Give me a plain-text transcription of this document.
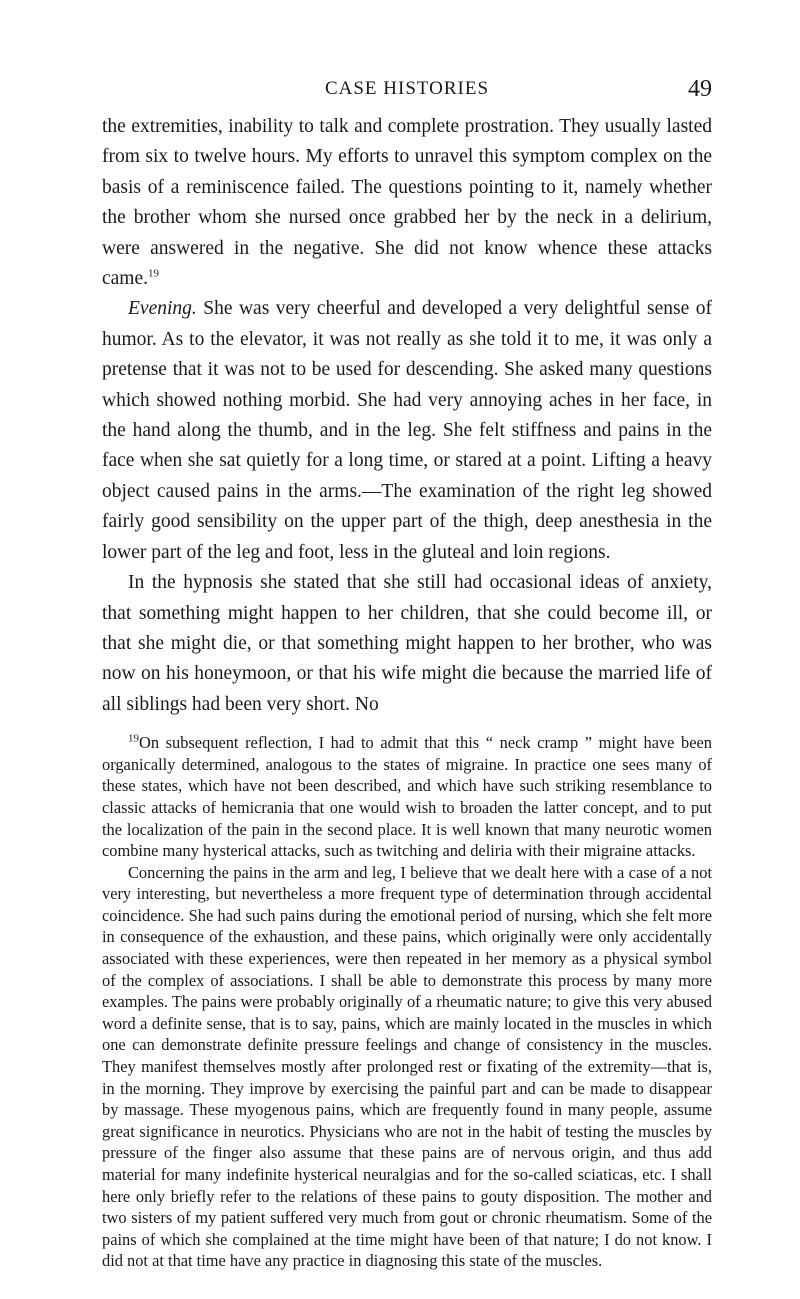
CASE HISTORIES	49

the extremities, inability to talk and complete prostration. They usually lasted from six to twelve hours. My efforts to unravel this symptom complex on the basis of a reminiscence failed. The questions pointing to it, namely whether the brother whom she nursed once grabbed her by the neck in a delirium, were answered in the negative. She did not know whence these attacks came.$^{19}$

Evening. She was very cheerful and developed a very delightful sense of humor. As to the elevator, it was not really as she told it to me, it was only a pretense that it was not to be used for descending. She asked many questions which showed nothing morbid. She had very annoying aches in her face, in the hand along the thumb, and in the leg. She felt stiffness and pains in the face when she sat quietly for a long time, or stared at a point. Lifting a heavy object caused pains in the arms.—The examination of the right leg showed fairly good sensibility on the upper part of the thigh, deep anesthesia in the lower part of the leg and foot, less in the gluteal and loin regions.

In the hypnosis she stated that she still had occasional ideas of anxiety, that something might happen to her children, that she could become ill, or that she might die, or that something might happen to her brother, who was now on his honeymoon, or that his wife might die because the married life of all siblings had been very short. No

$^{19}$On subsequent reflection, I had to admit that this “ neck cramp ” might have been organically determined, analogous to the states of migraine. In practice one sees many of these states, which have not been described, and which have such striking resemblance to classic attacks of hemicrania that one would wish to broaden the latter concept, and to put the localization of the pain in the second place. It is well known that many neurotic women combine many hysterical attacks, such as twitching and deliria with their migraine attacks.

Concerning the pains in the arm and leg, I believe that we dealt here with a case of a not very interesting, but nevertheless a more frequent type of determination through accidental coincidence. She had such pains during the emotional period of nursing, which she felt more in consequence of the exhaustion, and these pains, which originally were only accidentally associated with these experiences, were then repeated in her memory as a physical symbol of the complex of associations. I shall be able to demonstrate this process by many more examples. The pains were probably originally of a rheumatic nature; to give this very abused word a definite sense, that is to say, pains, which are mainly located in the muscles in which one can demonstrate definite pressure feelings and change of consistency in the muscles. They manifest themselves mostly after prolonged rest or fixating of the extremity—that is, in the morning. They improve by exercising the painful part and can be made to disappear by massage. These myogenous pains, which are frequently found in many people, assume great significance in neurotics. Physicians who are not in the habit of testing the muscles by pressure of the finger also assume that these pains are of nervous origin, and thus add material for many indefinite hysterical neuralgias and for the so-called sciaticas, etc. I shall here only briefly refer to the relations of these pains to gouty disposition. The mother and two sisters of my patient suffered very much from gout or chronic rheumatism. Some of the pains of which she complained at the time might have been of that nature; I do not know. I did not at that time have any practice in diagnosing this state of the muscles.
